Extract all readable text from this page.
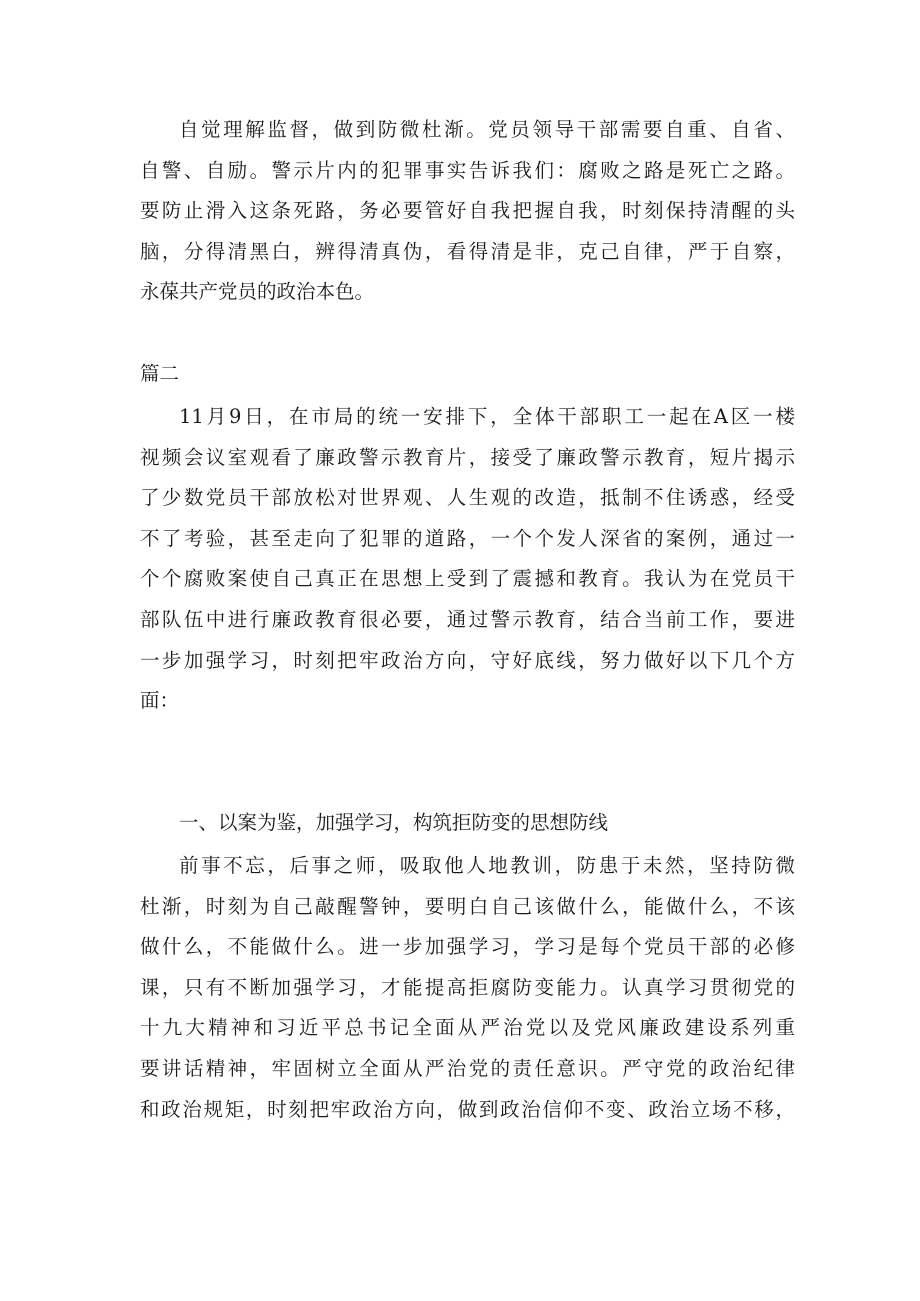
自觉理解监督，做到防微杜渐。党员领导干部需要自重、自省、
自警、自励。警示片内的犯罪事实告诉我们：腐败之路是死亡之路。
要防止滑入这条死路，务必要管好自我把握自我，时刻保持清醒的头
脑，分得清黑白，辨得清真伪，看得清是非，克己自律，严于自察，
永葆共产党员的政治本色。
篇二
11月9日，在市局的统一安排下，全体干部职工一起在A区一楼
视频会议室观看了廉政警示教育片，接受了廉政警示教育，短片揭示
了少数党员干部放松对世界观、人生观的改造，抵制不住诱惑，经受
不了考验，甚至走向了犯罪的道路，一个个发人深省的案例，通过一
个个腐败案使自己真正在思想上受到了震撼和教育。我认为在党员干
部队伍中进行廉政教育很必要，通过警示教育，结合当前工作，要进
一步加强学习，时刻把牢政治方向，守好底线，努力做好以下几个方
面：
一、以案为鉴，加强学习，构筑拒防变的思想防线
前事不忘，后事之师，吸取他人地教训，防患于未然，坚持防微
杜渐，时刻为自己敲醒警钟，要明白自己该做什么，能做什么，不该
做什么，不能做什么。进一步加强学习，学习是每个党员干部的必修
课，只有不断加强学习，才能提高拒腐防变能力。认真学习贯彻党的
十九大精神和习近平总书记全面从严治党以及党风廉政建设系列重
要讲话精神，牢固树立全面从严治党的责任意识。严守党的政治纪律
和政治规矩，时刻把牢政治方向，做到政治信仰不变、政治立场不移，
